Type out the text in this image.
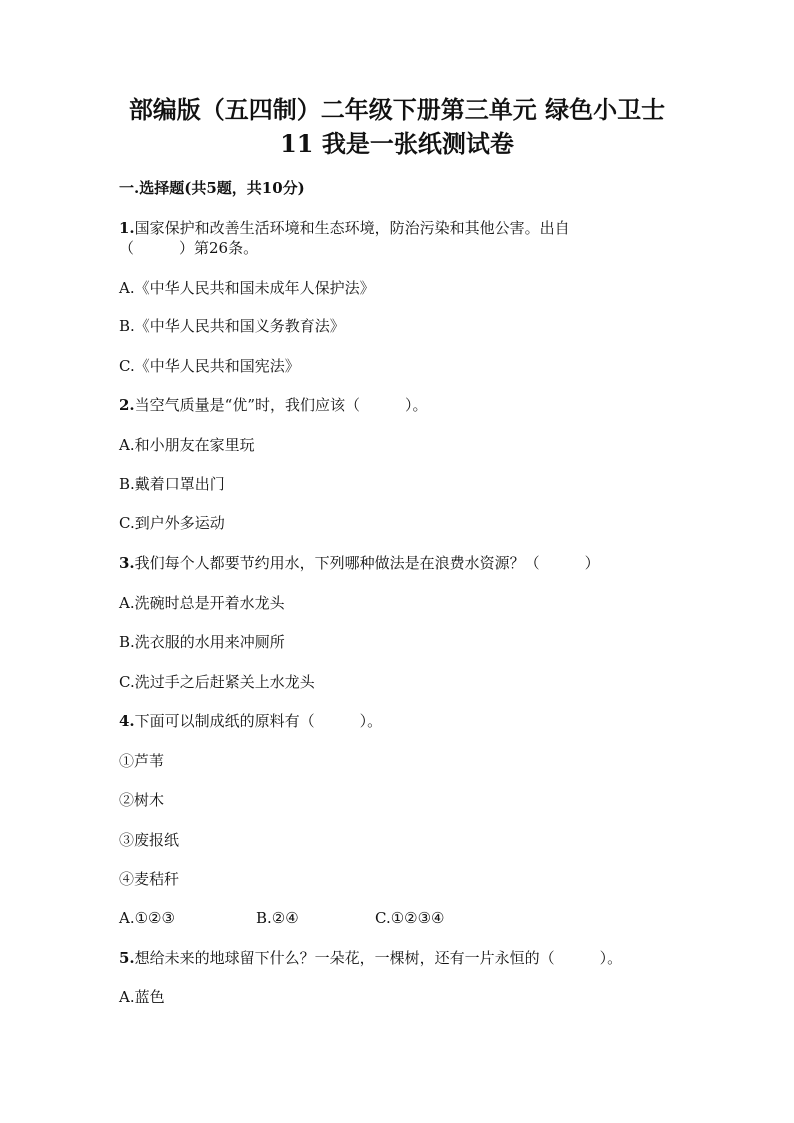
部编版（五四制）二年级下册第三单元 绿色小卫士
11 我是一张纸测试卷
一.选择题(共5题，共10分)
1.国家保护和改善生活环境和生态环境，防治污染和其他公害。出自
（　　　）第26条。
A.《中华人民共和国未成年人保护法》
B.《中华人民共和国义务教育法》
C.《中华人民共和国宪法》
2.当空气质量是“优”时，我们应该（　　　）。
A.和小朋友在家里玩
B.戴着口罩出门
C.到户外多运动
3.我们每个人都要节约用水，下列哪种做法是在浪费水资源？（　　　）
A.洗碗时总是开着水龙头
B.洗衣服的水用来冲厕所
C.洗过手之后赶紧关上水龙头
4.下面可以制成纸的原料有（　　　）。
①芦苇
②树木
③废报纸
④麦秸秆
A.①②③	B.②④	C.①②③④
5.想给未来的地球留下什么？一朵花，一棵树，还有一片永恒的（　　　）。
A.蓝色
